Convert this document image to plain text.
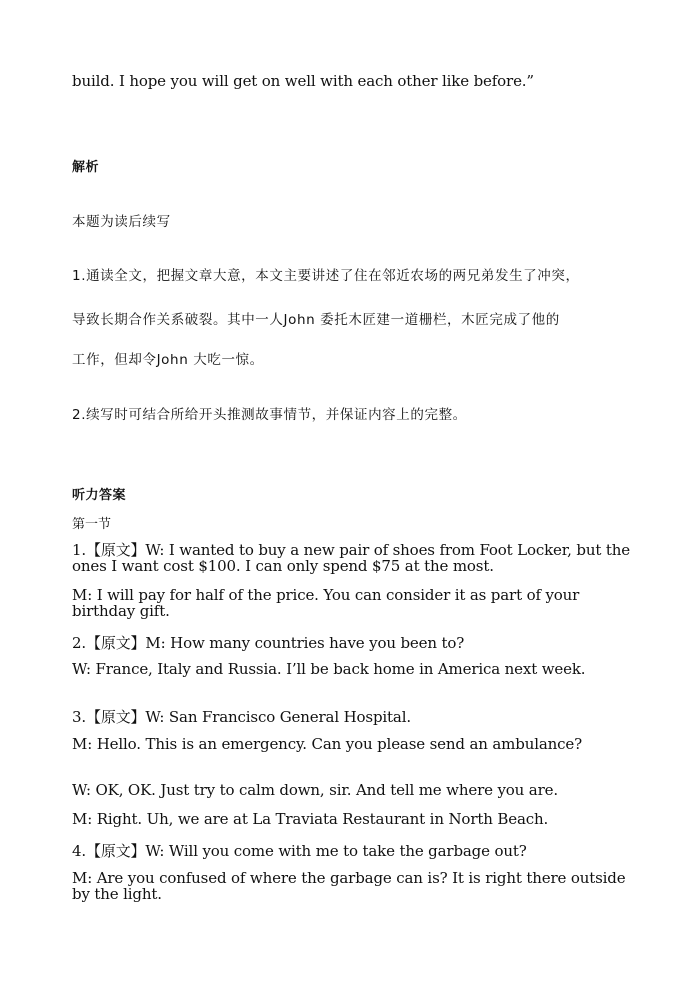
build. I hope you will get on well with each other like before.”

解析

本题为读后续写

1.通读全文，把握文章大意，本文主要讲述了住在邻近农场的两兄弟发生了冲突，

导致长期合作关系破裂。其中一人John 委托木匠建一道栅栏，木匠完成了他的

工作，但却令John 大吃一惊。

2.续写时可结合所给开头推测故事情节，并保证内容上的完整。

听力答案

第一节

1.【原文】W: I wanted to buy a new pair of shoes from Foot Locker, but the ones I want cost $100. I can only spend $75 at the most.

M: I will pay for half of the price. You can consider it as part of your birthday gift.

2.【原文】M: How many countries have you been to?

W: France, Italy and Russia. I’ll be back home in America next week.

3.【原文】W: San Francisco General Hospital.

M: Hello. This is an emergency. Can you please send an ambulance?

W: OK, OK. Just try to calm down, sir. And tell me where you are.

M: Right. Uh, we are at La Traviata Restaurant in North Beach.

4.【原文】W: Will you come with me to take the garbage out?

M: Are you confused of where the garbage can is? It is right there outside by the light.
